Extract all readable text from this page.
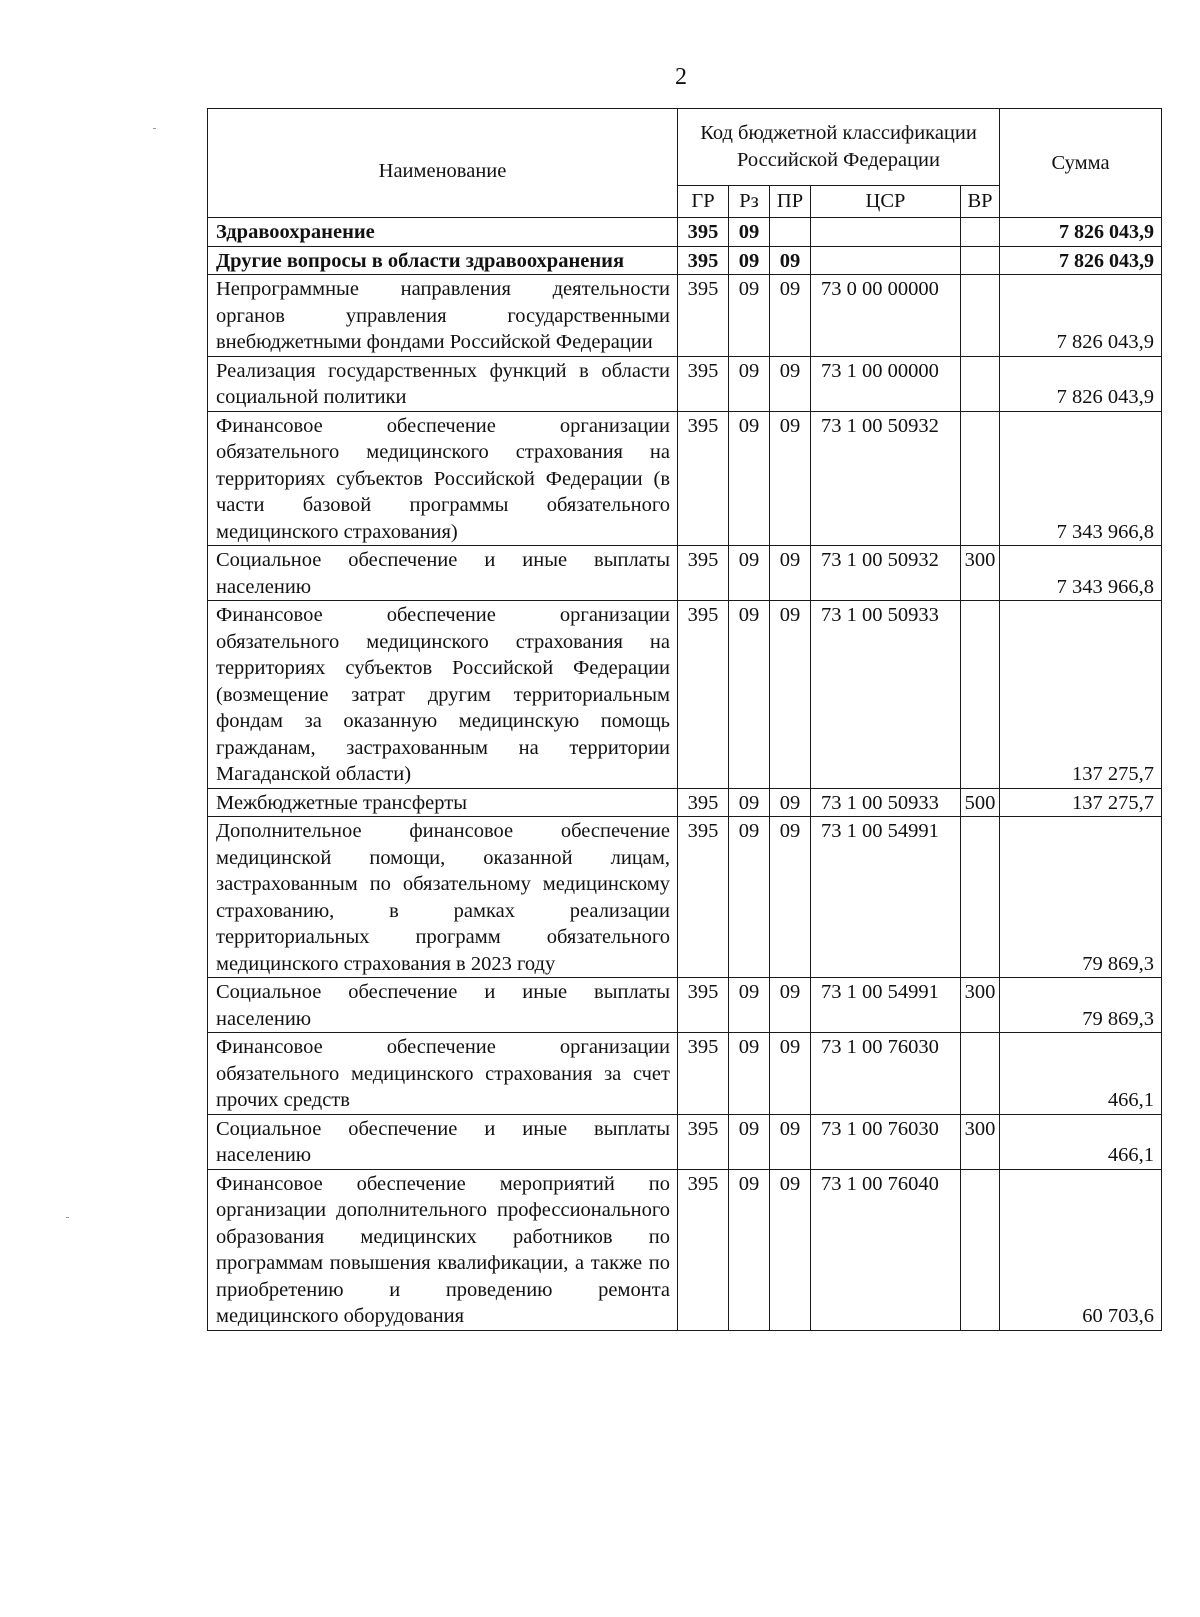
2
Наименование	Код бюджетной классификации Российской Федерации					Сумма
	ГР	Рз	ПР	ЦСР	ВР	
Здравоохранение	395	09				7 826 043,9
Другие вопросы в области здравоохранения	395	09	09			7 826 043,9
Непрограммные направления деятельности органов управления государственными внебюджетными фондами Российской Федерации	395	09	09	73 0 00 00000		7 826 043,9
Реализация государственных функций в области социальной политики	395	09	09	73 1 00 00000		7 826 043,9
Финансовое обеспечение организации обязательного медицинского страхования на территориях субъектов Российской Федерации (в части базовой программы обязательного медицинского страхования)	395	09	09	73 1 00 50932		7 343 966,8
Социальное обеспечение и иные выплаты населению	395	09	09	73 1 00 50932	300	7 343 966,8
Финансовое обеспечение организации обязательного медицинского страхования на территориях субъектов Российской Федерации (возмещение затрат другим территориальным фондам за оказанную медицинскую помощь гражданам, застрахованным на территории Магаданской области)	395	09	09	73 1 00 50933		137 275,7
Межбюджетные трансферты	395	09	09	73 1 00 50933	500	137 275,7
Дополнительное финансовое обеспечение медицинской помощи, оказанной лицам, застрахованным по обязательному медицинскому страхованию, в рамках реализации территориальных программ обязательного медицинского страхования в 2023 году	395	09	09	73 1 00 54991		79 869,3
Социальное обеспечение и иные выплаты населению	395	09	09	73 1 00 54991	300	79 869,3
Финансовое обеспечение организации обязательного медицинского страхования за счет прочих средств	395	09	09	73 1 00 76030		466,1
Социальное обеспечение и иные выплаты населению	395	09	09	73 1 00 76030	300	466,1
Финансовое обеспечение мероприятий по организации дополнительного профессионального образования медицинских работников по программам повышения квалификации, а также по приобретению и проведению ремонта медицинского оборудования	395	09	09	73 1 00 76040		60 703,6
